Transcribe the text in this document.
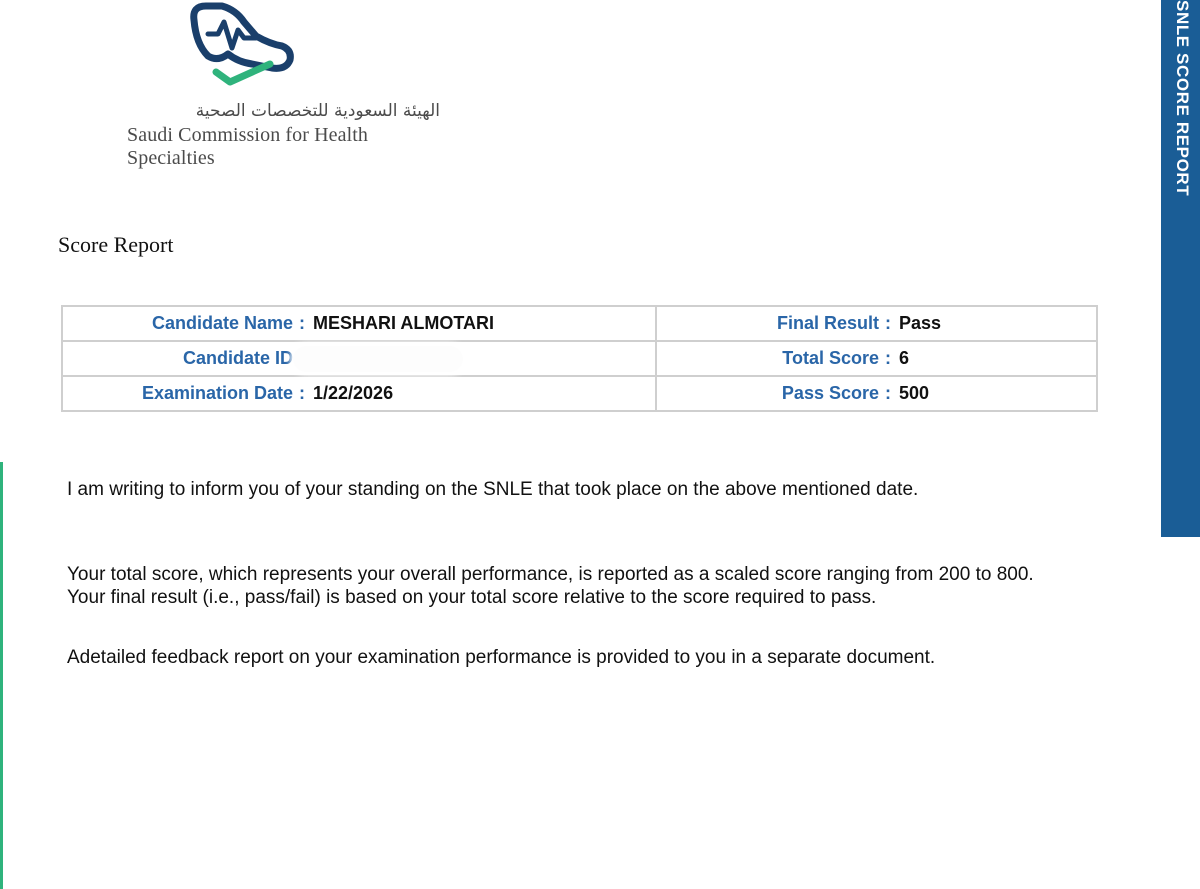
الهيئة السعودية للتخصصات الصحية
Saudi Commission for Health Specialties
Score Report
Candidate Name : MESHARI ALMOTARI	Final Result : Pass

Candidate ID	Total Score : 6

Examination Date : 1/22/2026	Pass Score : 500
I am writing to inform you of your standing on the SNLE that took place on the above mentioned date.
Your total score, which represents your overall performance, is reported as a scaled score ranging from 200 to 800. Your final result (i.e., pass/fail) is based on your total score relative to the score required to pass.
Adetailed feedback report on your examination performance is provided to you in a separate document.
SNLE SCORE REPORT
